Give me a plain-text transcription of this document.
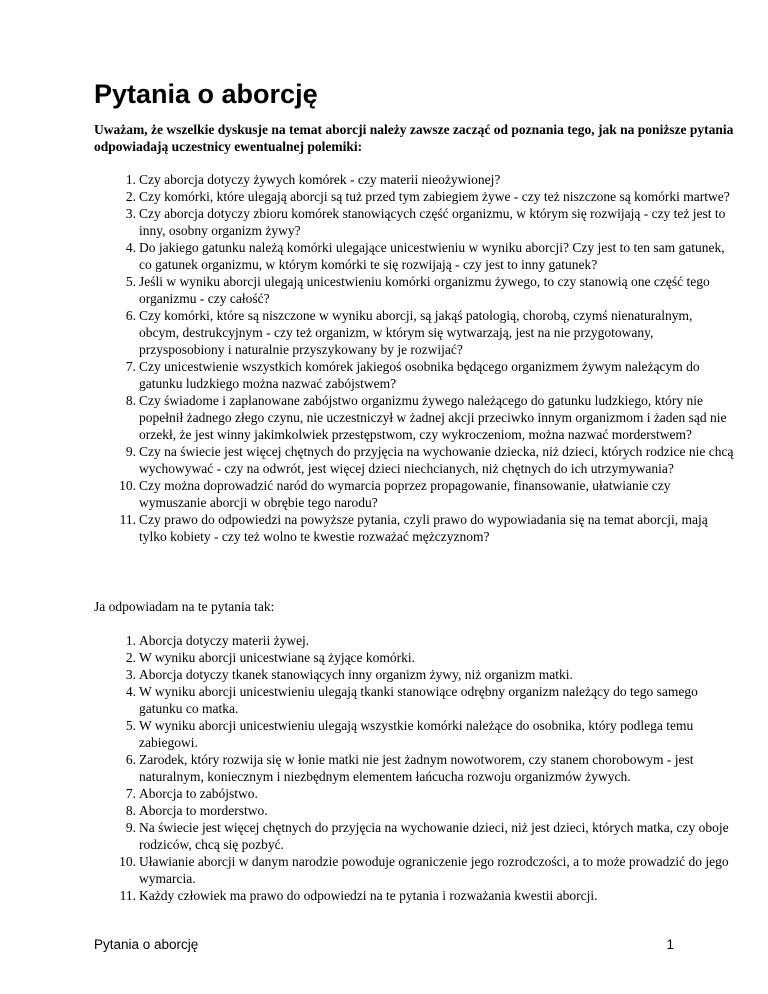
Pytania o aborcję

Uważam, że wszelkie dyskusje na temat aborcji należy zawsze zacząć od poznania tego, jak na poniższe pytania odpowiadają uczestnicy ewentualnej polemiki:

1. Czy aborcja dotyczy żywych komórek - czy materii nieożywionej?
2. Czy komórki, które ulegają aborcji są tuż przed tym zabiegiem żywe - czy też niszczone są komórki martwe?
3. Czy aborcja dotyczy zbioru komórek stanowiących część organizmu, w którym się rozwijają - czy też jest to inny, osobny organizm żywy?
4. Do jakiego gatunku należą komórki ulegające unicestwieniu w wyniku aborcji? Czy jest to ten sam gatunek, co gatunek organizmu, w którym komórki te się rozwijają - czy jest to inny gatunek?
5. Jeśli w wyniku aborcji ulegają unicestwieniu komórki organizmu żywego, to czy stanowią one część tego organizmu - czy całość?
6. Czy komórki, które są niszczone w wyniku aborcji, są jakąś patologią, chorobą, czymś nienaturalnym, obcym, destrukcyjnym - czy też organizm, w którym się wytwarzają, jest na nie przygotowany, przysposobiony i naturalnie przyszykowany by je rozwijać?
7. Czy unicestwienie wszystkich komórek jakiegoś osobnika będącego organizmem żywym należącym do gatunku ludzkiego można nazwać zabójstwem?
8. Czy świadome i zaplanowane zabójstwo organizmu żywego należącego do gatunku ludzkiego, który nie popełnił żadnego złego czynu, nie uczestniczył w żadnej akcji przeciwko innym organizmom i żaden sąd nie orzekł, że jest winny jakimkolwiek przestępstwom, czy wykroczeniom, można nazwać morderstwem?
9. Czy na świecie jest więcej chętnych do przyjęcia na wychowanie dziecka, niż dzieci, których rodzice nie chcą wychowywać - czy na odwrót, jest więcej dzieci niechcianych, niż chętnych do ich utrzymywania?
10. Czy można doprowadzić naród do wymarcia poprzez propagowanie, finansowanie, ułatwianie czy wymuszanie aborcji w obrębie tego narodu?
11. Czy prawo do odpowiedzi na powyższe pytania, czyli prawo do wypowiadania się na temat aborcji, mają tylko kobiety - czy też wolno te kwestie rozważać mężczyznom?

Ja odpowiadam na te pytania tak:

1. Aborcja dotyczy materii żywej.
2. W wyniku aborcji unicestwiane są żyjące komórki.
3. Aborcja dotyczy tkanek stanowiących inny organizm żywy, niż organizm matki.
4. W wyniku aborcji unicestwieniu ulegają tkanki stanowiące odrębny organizm należący do tego samego gatunku co matka.
5. W wyniku aborcji unicestwieniu ulegają wszystkie komórki należące do osobnika, który podlega temu zabiegowi.
6. Zarodek, który rozwija się w łonie matki nie jest żadnym nowotworem, czy stanem chorobowym - jest naturalnym, koniecznym i niezbędnym elementem łańcucha rozwoju organizmów żywych.
7. Aborcja to zabójstwo.
8. Aborcja to morderstwo.
9. Na świecie jest więcej chętnych do przyjęcia na wychowanie dzieci, niż jest dzieci, których matka, czy oboje rodziców, chcą się pozbyć.
10. Uławianie aborcji w danym narodzie powoduje ograniczenie jego rozrodczości, a to może prowadzić do jego wymarcia.
11. Każdy człowiek ma prawo do odpowiedzi na te pytania i rozważania kwestii aborcji.
Pytania o aborcję	1
